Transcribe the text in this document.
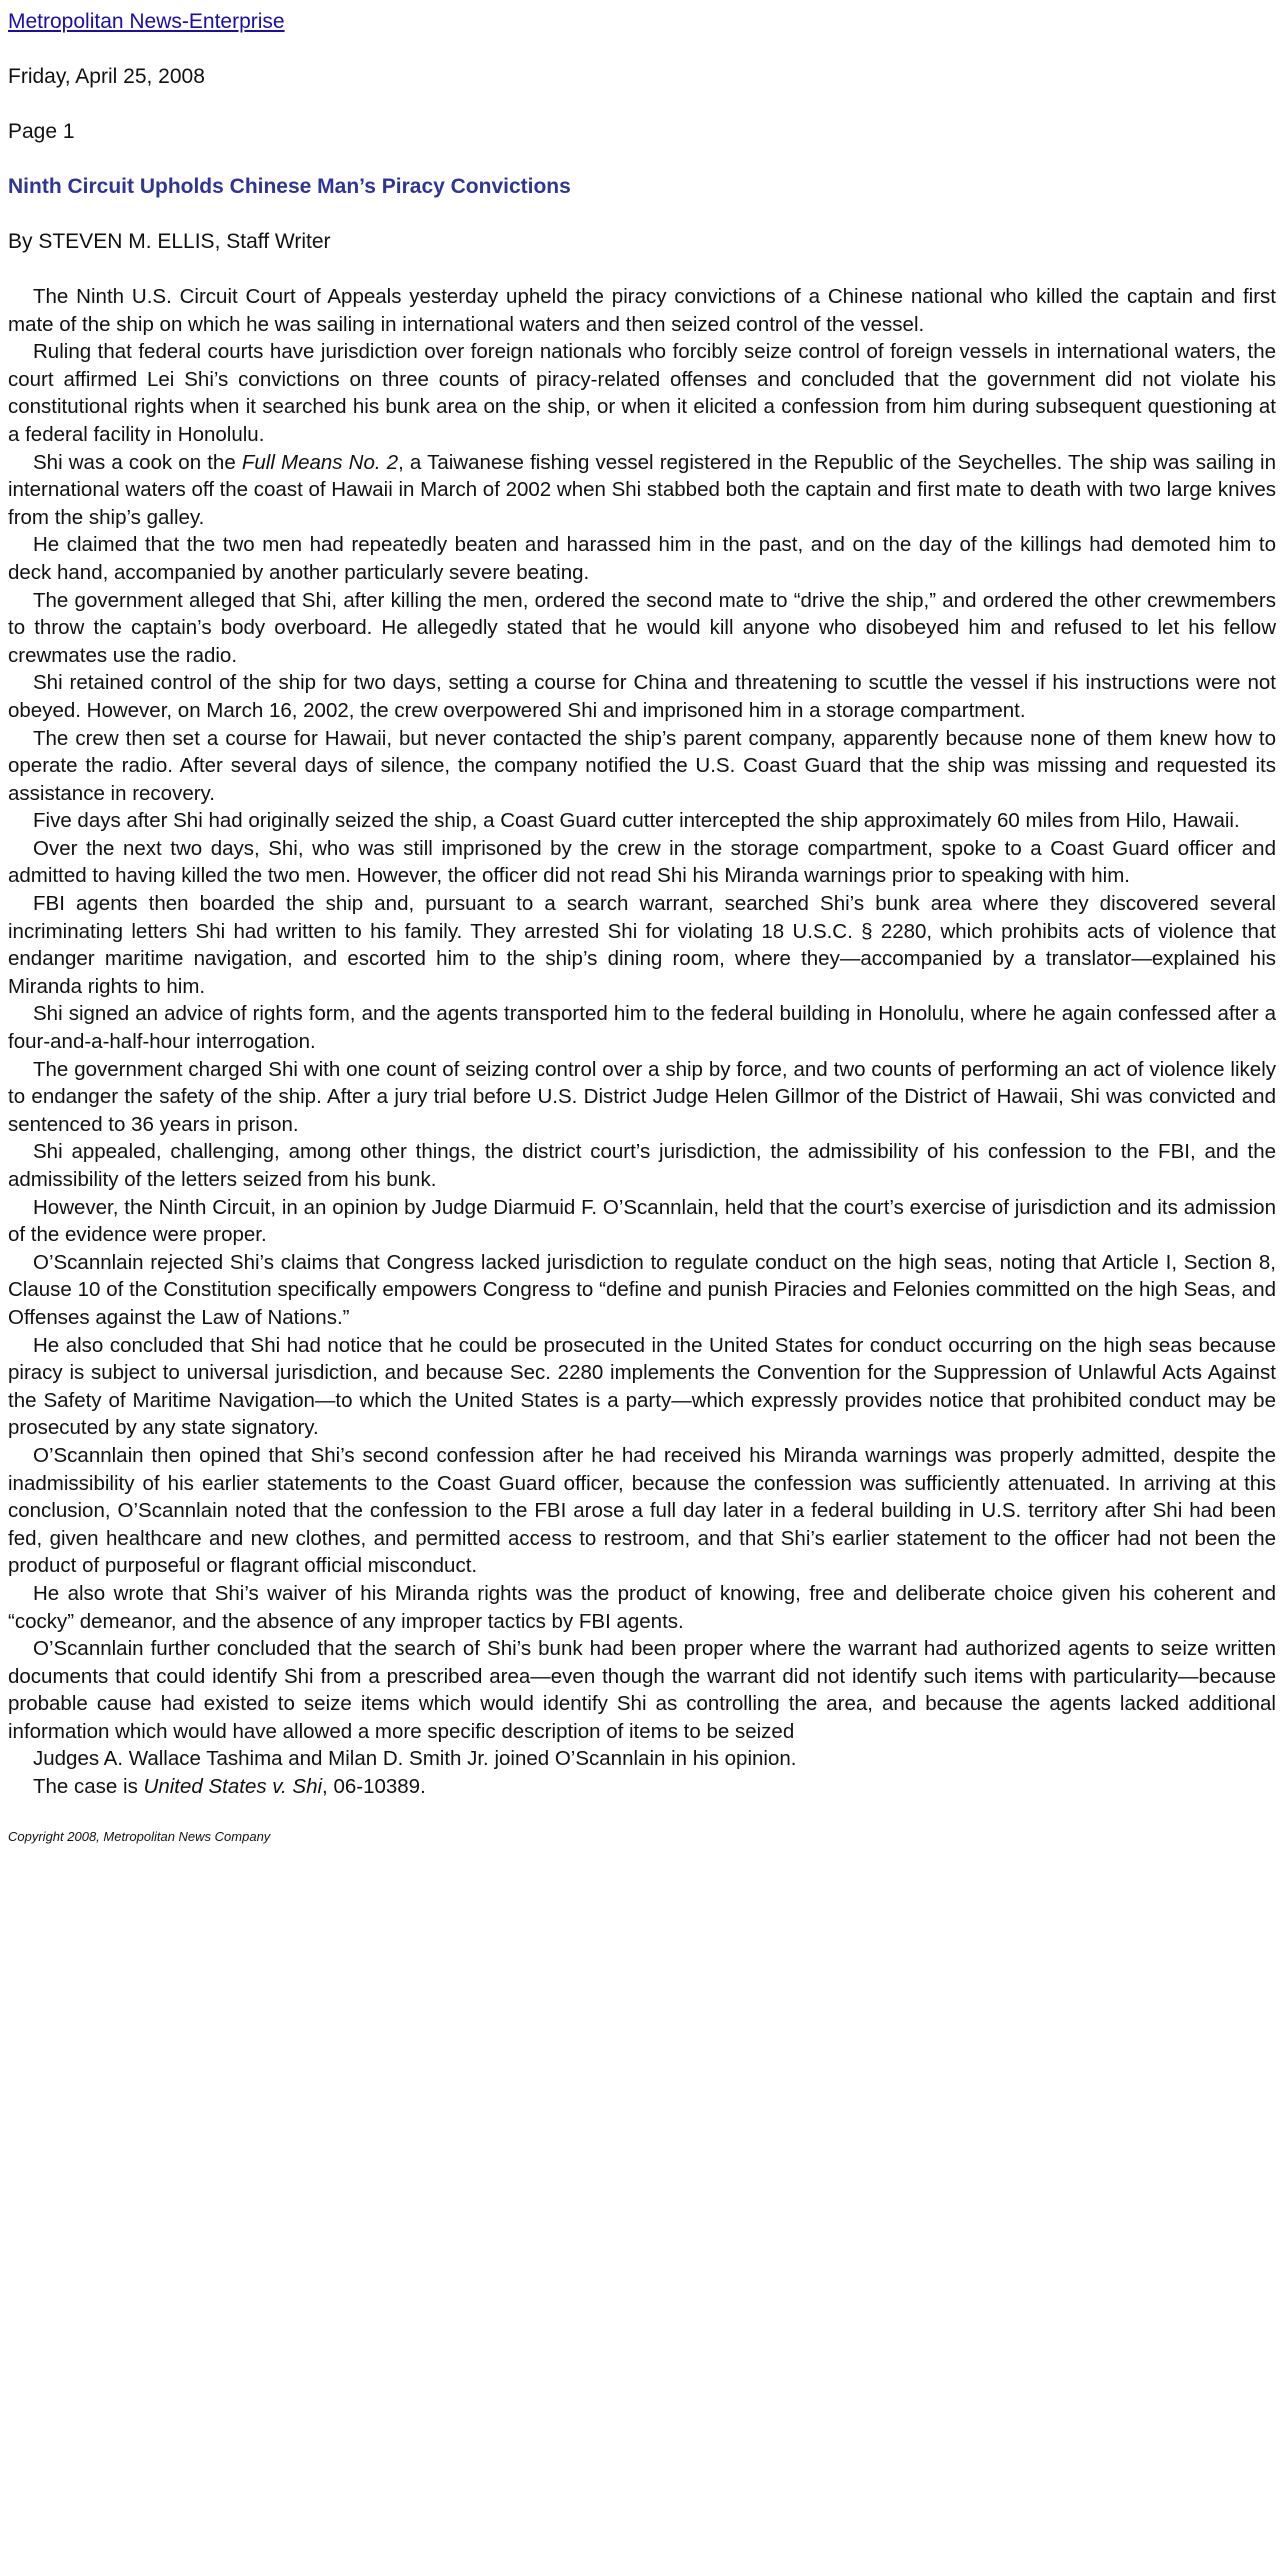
Metropolitan News-Enterprise

Friday, April 25, 2008

Page 1

Ninth Circuit Upholds Chinese Man’s Piracy Convictions

By STEVEN M. ELLIS, Staff Writer

The Ninth U.S. Circuit Court of Appeals yesterday upheld the piracy convictions of a Chinese national who killed the captain and first mate of the ship on which he was sailing in international waters and then seized control of the vessel.

Ruling that federal courts have jurisdiction over foreign nationals who forcibly seize control of foreign vessels in international waters, the court affirmed Lei Shi’s convictions on three counts of piracy-related offenses and concluded that the government did not violate his constitutional rights when it searched his bunk area on the ship, or when it elicited a confession from him during subsequent questioning at a federal facility in Honolulu.

Shi was a cook on the Full Means No. 2, a Taiwanese fishing vessel registered in the Republic of the Seychelles. The ship was sailing in international waters off the coast of Hawaii in March of 2002 when Shi stabbed both the captain and first mate to death with two large knives from the ship’s galley.

He claimed that the two men had repeatedly beaten and harassed him in the past, and on the day of the killings had demoted him to deck hand, accompanied by another particularly severe beating.

The government alleged that Shi, after killing the men, ordered the second mate to “drive the ship,” and ordered the other crewmembers to throw the captain’s body overboard. He allegedly stated that he would kill anyone who disobeyed him and refused to let his fellow crewmates use the radio.

Shi retained control of the ship for two days, setting a course for China and threatening to scuttle the vessel if his instructions were not obeyed. However, on March 16, 2002, the crew overpowered Shi and imprisoned him in a storage compartment.

The crew then set a course for Hawaii, but never contacted the ship’s parent company, apparently because none of them knew how to operate the radio. After several days of silence, the company notified the U.S. Coast Guard that the ship was missing and requested its assistance in recovery.

Five days after Shi had originally seized the ship, a Coast Guard cutter intercepted the ship approximately 60 miles from Hilo, Hawaii.

Over the next two days, Shi, who was still imprisoned by the crew in the storage compartment, spoke to a Coast Guard officer and admitted to having killed the two men. However, the officer did not read Shi his Miranda warnings prior to speaking with him.

FBI agents then boarded the ship and, pursuant to a search warrant, searched Shi’s bunk area where they discovered several incriminating letters Shi had written to his family. They arrested Shi for violating 18 U.S.C. § 2280, which prohibits acts of violence that endanger maritime navigation, and escorted him to the ship’s dining room, where they—accompanied by a translator—explained his Miranda rights to him.

Shi signed an advice of rights form, and the agents transported him to the federal building in Honolulu, where he again confessed after a four-and-a-half-hour interrogation.

The government charged Shi with one count of seizing control over a ship by force, and two counts of performing an act of violence likely to endanger the safety of the ship. After a jury trial before U.S. District Judge Helen Gillmor of the District of Hawaii, Shi was convicted and sentenced to 36 years in prison.

Shi appealed, challenging, among other things, the district court’s jurisdiction, the admissibility of his confession to the FBI, and the admissibility of the letters seized from his bunk.

However, the Ninth Circuit, in an opinion by Judge Diarmuid F. O’Scannlain, held that the court’s exercise of jurisdiction and its admission of the evidence were proper.

O’Scannlain rejected Shi’s claims that Congress lacked jurisdiction to regulate conduct on the high seas, noting that Article I, Section 8, Clause 10 of the Constitution specifically empowers Congress to “define and punish Piracies and Felonies committed on the high Seas, and Offenses against the Law of Nations.”

He also concluded that Shi had notice that he could be prosecuted in the United States for conduct occurring on the high seas because piracy is subject to universal jurisdiction, and because Sec. 2280 implements the Convention for the Suppression of Unlawful Acts Against the Safety of Maritime Navigation—to which the United States is a party—which expressly provides notice that prohibited conduct may be prosecuted by any state signatory.

O’Scannlain then opined that Shi’s second confession after he had received his Miranda warnings was properly admitted, despite the inadmissibility of his earlier statements to the Coast Guard officer, because the confession was sufficiently attenuated. In arriving at this conclusion, O’Scannlain noted that the confession to the FBI arose a full day later in a federal building in U.S. territory after Shi had been fed, given healthcare and new clothes, and permitted access to restroom, and that Shi’s earlier statement to the officer had not been the product of purposeful or flagrant official misconduct.

He also wrote that Shi’s waiver of his Miranda rights was the product of knowing, free and deliberate choice given his coherent and “cocky” demeanor, and the absence of any improper tactics by FBI agents.

O’Scannlain further concluded that the search of Shi’s bunk had been proper where the warrant had authorized agents to seize written documents that could identify Shi from a prescribed area—even though the warrant did not identify such items with particularity—because probable cause had existed to seize items which would identify Shi as controlling the area, and because the agents lacked additional information which would have allowed a more specific description of items to be seized

Judges A. Wallace Tashima and Milan D. Smith Jr. joined O’Scannlain in his opinion.

The case is United States v. Shi, 06-10389.

Copyright 2008, Metropolitan News Company
